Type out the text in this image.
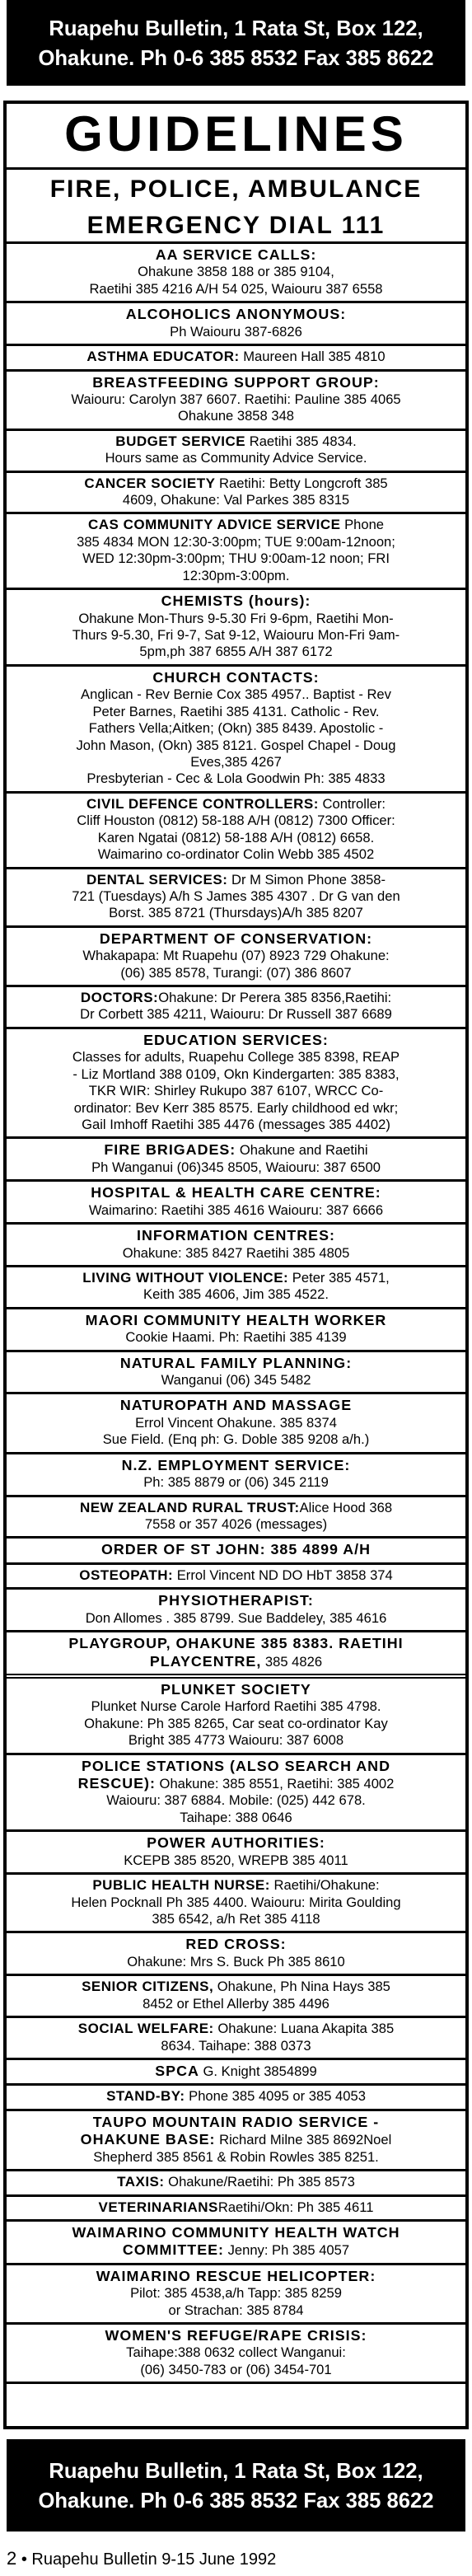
Ruapehu Bulletin, 1 Rata St, Box 122,
Ohakune. Ph 0-6 385 8532 Fax 385 8622
GUIDELINES
FIRE, POLICE, AMBULANCE
EMERGENCY DIAL 111
AA SERVICE CALLS:
Ohakune 3858 188 or 385 9104,
Raetihi 385 4216 A/H 54 025, Waiouru 387 6558
ALCOHOLICS ANONYMOUS:
Ph Waiouru 387-6826
ASTHMA EDUCATOR: Maureen Hall 385 4810
BREASTFEEDING SUPPORT GROUP:
Waiouru: Carolyn 387 6607. Raetihi: Pauline 385 4065
Ohakune 3858 348
BUDGET SERVICE Raetihi 385 4834.
Hours same as Community Advice Service.
CANCER SOCIETY Raetihi: Betty Longcroft 385
4609, Ohakune: Val Parkes 385 8315
CAS COMMUNITY ADVICE SERVICE Phone
385 4834 MON 12:30-3:00pm; TUE 9:00am-12noon;
WED 12:30pm-3:00pm; THU 9:00am-12 noon; FRI
12:30pm-3:00pm.
CHEMISTS (hours):
Ohakune Mon-Thurs 9-5.30 Fri 9-6pm, Raetihi Mon-
Thurs 9-5.30, Fri 9-7, Sat 9-12, Waiouru Mon-Fri 9am-
5pm,ph 387 6855 A/H 387 6172
CHURCH CONTACTS:
Anglican - Rev Bernie Cox 385 4957.. Baptist - Rev
Peter Barnes, Raetihi 385 4131. Catholic - Rev.
Fathers Vella;Aitken; (Okn) 385 8439. Apostolic -
John Mason, (Okn) 385 8121. Gospel Chapel - Doug
Eves,385 4267
Presbyterian - Cec & Lola Goodwin Ph: 385 4833
CIVIL DEFENCE CONTROLLERS: Controller:
Cliff Houston (0812) 58-188 A/H (0812) 7300 Officer:
Karen Ngatai (0812) 58-188 A/H (0812) 6658.
Waimarino co-ordinator Colin Webb 385 4502
DENTAL SERVICES: Dr M Simon Phone 3858-
721 (Tuesdays) A/h S James 385 4307 . Dr G van den
Borst. 385 8721 (Thursdays)A/h 385 8207
DEPARTMENT OF CONSERVATION:
Whakapapa: Mt Ruapehu (07) 8923 729 Ohakune:
(06) 385 8578, Turangi: (07) 386 8607
DOCTORS:Ohakune: Dr Perera 385 8356,Raetihi:
Dr Corbett 385 4211, Waiouru: Dr Russell 387 6689
EDUCATION SERVICES:
Classes for adults, Ruapehu College 385 8398, REAP
- Liz Mortland 388 0109, Okn Kindergarten: 385 8383,
TKR WIR: Shirley Rukupo 387 6107, WRCC Co-
ordinator: Bev Kerr 385 8575. Early childhood ed wkr;
Gail Imhoff Raetihi 385 4476 (messages 385 4402)
FIRE BRIGADES: Ohakune and Raetihi
Ph Wanganui (06)345 8505, Waiouru: 387 6500
HOSPITAL & HEALTH CARE CENTRE:
Waimarino: Raetihi 385 4616 Waiouru: 387 6666
INFORMATION CENTRES:
Ohakune: 385 8427 Raetihi 385 4805
LIVING WITHOUT VIOLENCE: Peter 385 4571,
Keith 385 4606, Jim 385 4522.
MAORI COMMUNITY HEALTH WORKER
Cookie Haami. Ph: Raetihi 385 4139
NATURAL FAMILY PLANNING:
Wanganui (06) 345 5482
NATUROPATH AND MASSAGE
Errol Vincent Ohakune. 385 8374
Sue Field. (Enq ph: G. Doble 385 9208 a/h.)
N.Z. EMPLOYMENT SERVICE:
Ph: 385 8879 or (06) 345 2119
NEW ZEALAND RURAL TRUST:Alice Hood 368
7558 or 357 4026 (messages)
ORDER OF ST JOHN: 385 4899 A/H
OSTEOPATH: Errol Vincent ND DO HbT 3858 374
PHYSIOTHERAPIST:
Don Allomes . 385 8799. Sue Baddeley, 385 4616
PLAYGROUP, OHAKUNE 385 8383. RAETIHI
PLAYCENTRE, 385 4826
PLUNKET SOCIETY
Plunket Nurse Carole Harford Raetihi 385 4798.
Ohakune: Ph 385 8265, Car seat co-ordinator Kay
Bright 385 4773 Waiouru: 387 6008
POLICE STATIONS (ALSO SEARCH AND
RESCUE): Ohakune: 385 8551, Raetihi: 385 4002
Waiouru: 387 6884. Mobile: (025) 442 678.
Taihape: 388 0646
POWER AUTHORITIES:
KCEPB 385 8520, WREPB 385 4011
PUBLIC HEALTH NURSE: Raetihi/Ohakune:
Helen Pocknall Ph 385 4400. Waiouru: Mirita Goulding
385 6542, a/h Ret 385 4118
RED CROSS:
Ohakune: Mrs S. Buck Ph 385 8610
SENIOR CITIZENS, Ohakune, Ph Nina Hays 385
8452 or Ethel Allerby 385 4496
SOCIAL WELFARE: Ohakune: Luana Akapita 385
8634. Taihape: 388 0373
SPCA G. Knight 3854899
STAND-BY: Phone 385 4095 or 385 4053
TAUPO MOUNTAIN RADIO SERVICE -
OHAKUNE BASE: Richard Milne 385 8692Noel
Shepherd 385 8561 & Robin Rowles 385 8251.
TAXIS: Ohakune/Raetihi: Ph 385 8573
VETERINARIANSRaetihi/Okn: Ph 385 4611
WAIMARINO COMMUNITY HEALTH WATCH
COMMITTEE: Jenny: Ph 385 4057
WAIMARINO RESCUE HELICOPTER:
Pilot: 385 4538,a/h Tapp: 385 8259
or Strachan: 385 8784
WOMEN'S REFUGE/RAPE CRISIS:
Taihape:388 0632 collect Wanganui:
(06) 3450-783 or (06) 3454-701
Ruapehu Bulletin, 1 Rata St, Box 122,
Ohakune. Ph 0-6 385 8532 Fax 385 8622
2 • Ruapehu Bulletin 9-15 June 1992
